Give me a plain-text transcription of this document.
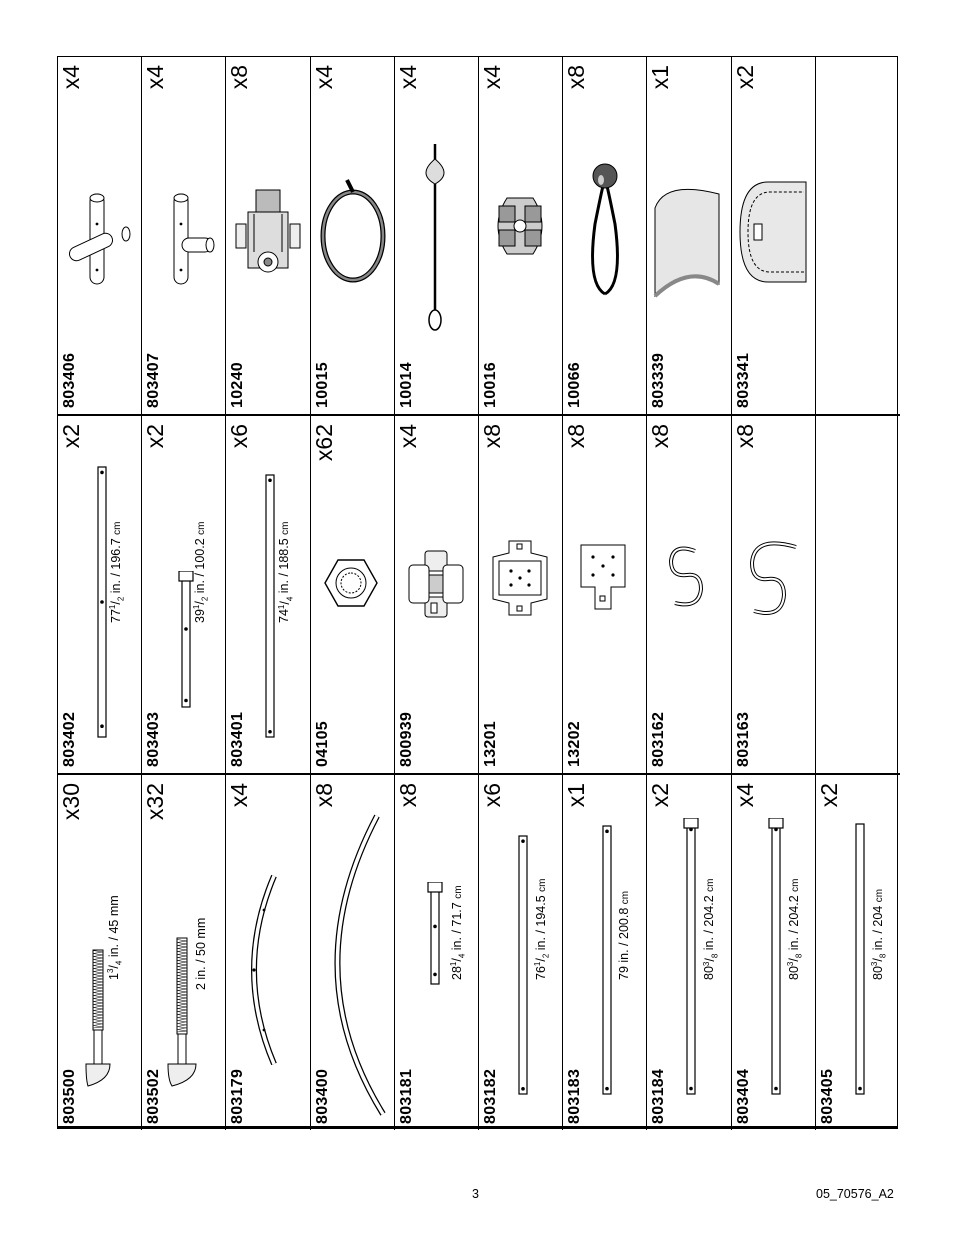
803500
x30
$1^3/_4$ in. / 45 mm
803502
x32
2 in. / 50 mm
803179
x4
803400
x8
803181
x8
$28^1/_4$ in. / 71.7 cm
803182
x6
$76^1/_2$ in. / 194.5 cm
803183
x1
79 in. / 200.8 cm
803184
x2
$80^3/_8$ in. / 204.2 cm
803404
x4
$80^3/_8$ in. / 204.2 cm
803405
x2
$80^3/_8$ in. / 204 cm
803402
x2
$77^1/_2$ in. / 196.7 cm
803403
x2
$39^1/_2$ in. / 100.2 cm
803401
x6
$74^1/_4$ in. / 188.5 cm
04105
x62
800939
x4
13201
x8
13202
x8
803162
x8
803163
x8
803406
x4
803407
x4
10240
x8
10015
x4
10014
x4
10016
x4
10066
x8
803339
x1
803341
x2
3	05_70576_A2
